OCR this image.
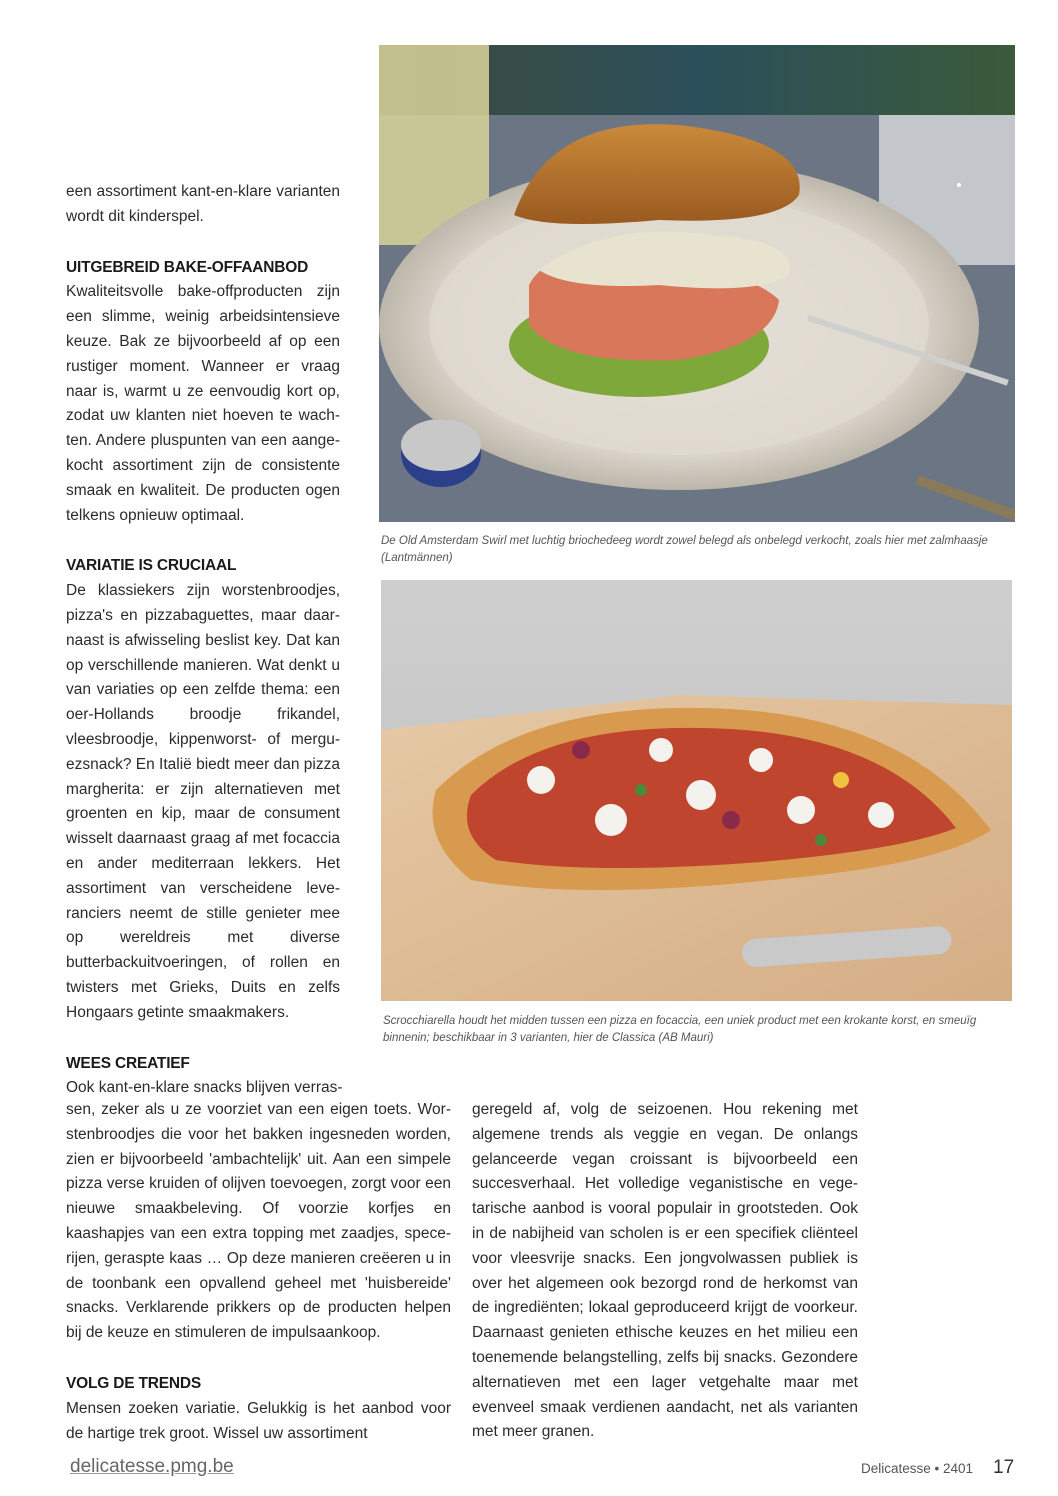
een assortiment kant-en-klare varianten wordt dit kinderspel.

UITGEBREID BAKE-OFFAANBOD

Kwaliteitsvolle bake-offproducten zijn een slimme, weinig arbeidsintensieve keuze. Bak ze bijvoorbeeld af op een rustiger moment. Wanneer er vraag naar is, warmt u ze eenvoudig kort op, zodat uw klanten niet hoeven te wachten. Andere pluspunten van een aangekocht assortiment zijn de consistente smaak en kwaliteit. De producten ogen telkens opnieuw optimaal.

VARIATIE IS CRUCIAAL

De klassiekers zijn worstenbroodjes, pizza's en pizzabaguettes, maar daarnaast is afwisseling beslist key. Dat kan op verschillende manieren. Wat denkt u van variaties op een zelfde thema: een oer-Hollands broodje frikandel, vleesbroodje, kippenworst- of merguezsnack? En Italië biedt meer dan pizza margherita: er zijn alternatieven met groenten en kip, maar de consument wisselt daarnaast graag af met focaccia en ander mediterraan lekkers. Het assortiment van verscheidene leveranciers neemt de stille genieter mee op wereldreis met diverse butterbackuitvoeringen, of rollen en twisters met Grieks, Duits en zelfs Hongaars getinte smaakmakers.

WEES CREATIEF

Ook kant-en-klare snacks blijven verras-

sen, zeker als u ze voorziet van een eigen toets. Worstenbroodjes die voor het bakken ingesneden worden, zien er bijvoorbeeld 'ambachtelijk' uit. Aan een simpele pizza verse kruiden of olijven toevoegen, zorgt voor een nieuwe smaakbeleving. Of voorzie korfjes en kaashapjes van een extra topping met zaadjes, specerijen, geraspte kaas … Op deze manieren creëeren u in de toonbank een opvallend geheel met 'huisbereide' snacks. Verklarende prikkers op de producten helpen bij de keuze en stimuleren de impulsaankoop.

VOLG DE TRENDS

Mensen zoeken variatie. Gelukkig is het aanbod voor de hartige trek groot. Wissel uw assortiment

geregeld af, volg de seizoenen. Hou rekening met algemene trends als veggie en vegan. De onlangs gelanceerde vegan croissant is bijvoorbeeld een succesverhaal. Het volledige veganistische en vegetarische aanbod is vooral populair in grootsteden. Ook in de nabijheid van scholen is er een specifiek cliënteel voor vleesvrije snacks. Een jongvolwassen publiek is over het algemeen ook bezorgd rond de herkomst van de ingrediënten; lokaal geproduceerd krijgt de voorkeur. Daarnaast genieten ethische keuzes en het milieu een toenemende belangstelling, zelfs bij snacks. Gezondere alternatieven met een lager vetgehalte maar met evenveel smaak verdienen aandacht, net als varianten met meer granen.

De Old Amsterdam Swirl met luchtig briochedeeg wordt zowel belegd als onbelegd verkocht, zoals hier met zalmhaasje (Lantmännen)

Scrocchiarella houdt het midden tussen een pizza en focaccia, een uniek product met een krokante korst, en smeuïg binnenin; beschikbaar in 3 varianten, hier de Classica (AB Mauri)

delicatesse.pmg.be	Delicatesse • 2401 17
